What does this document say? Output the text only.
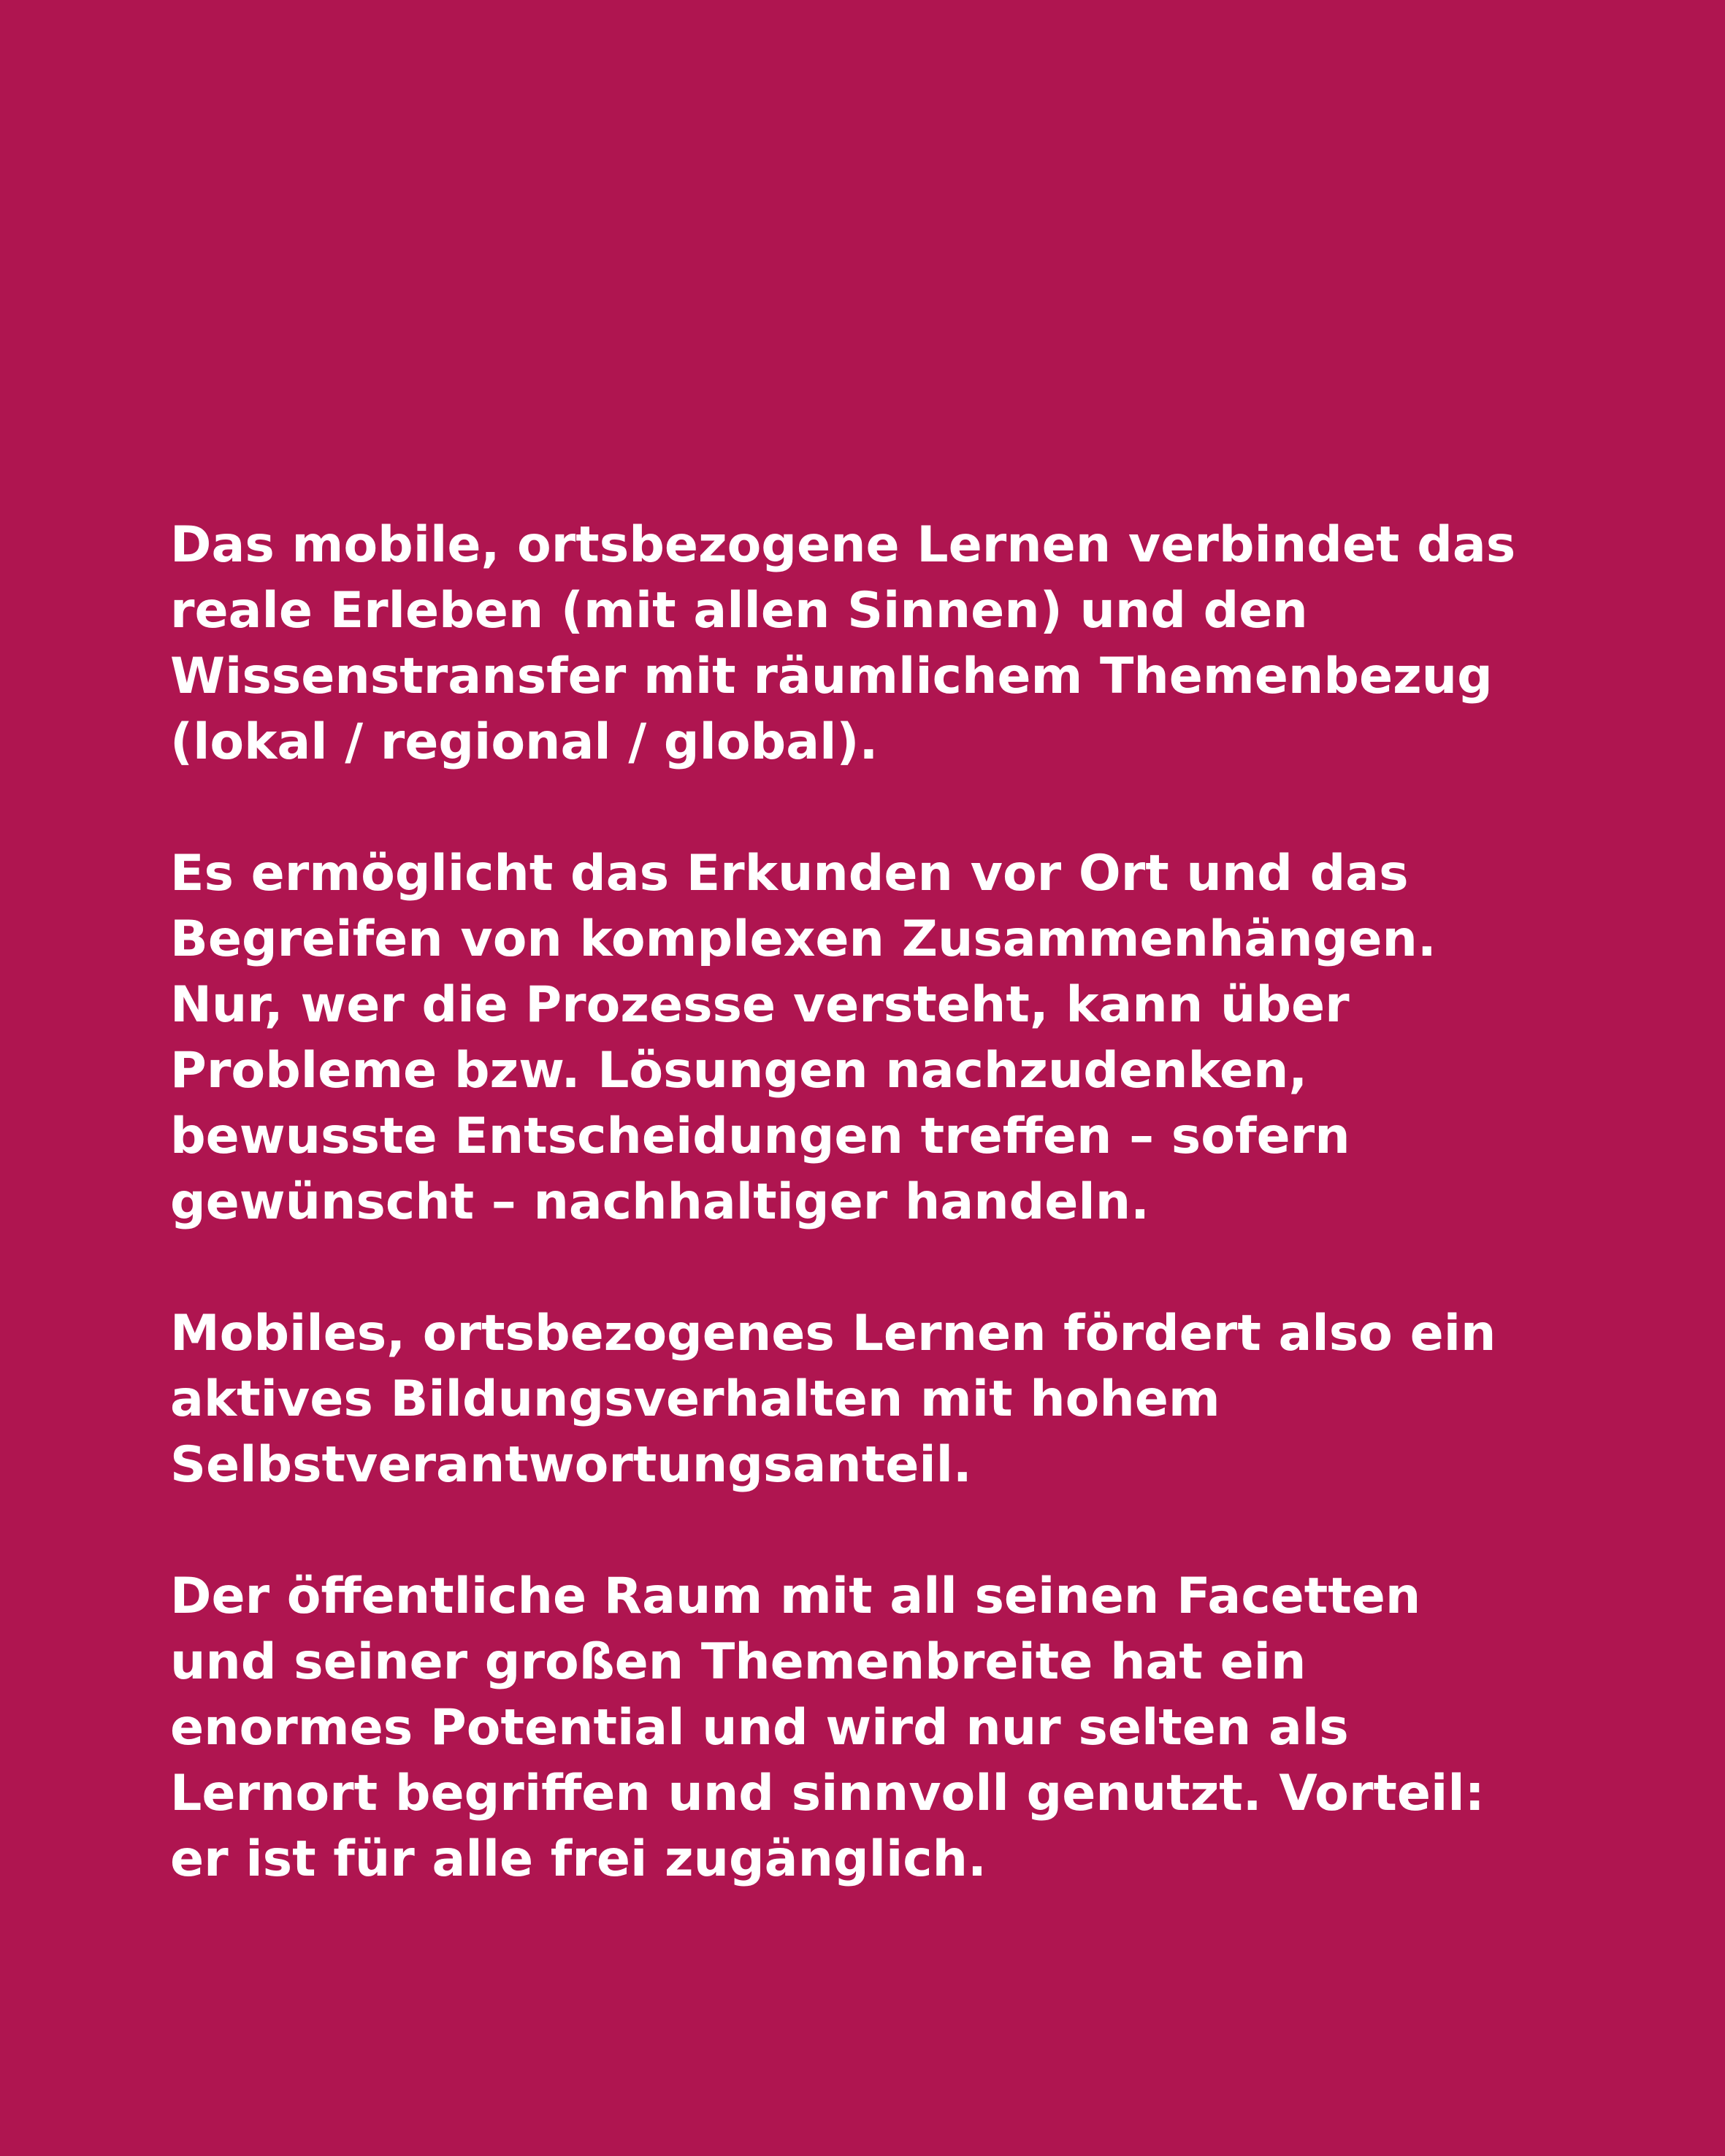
Das mobile, ortsbezogene Lernen verbindet das
reale Erleben (mit allen Sinnen) und den
Wissenstransfer mit räumlichem Themenbezug
(lokal / regional / global).

Es ermöglicht das Erkunden vor Ort und das
Begreifen von komplexen Zusammenhängen.
Nur, wer die Prozesse versteht, kann über
Probleme bzw. Lösungen nachzudenken,
bewusste Entscheidungen treffen – sofern
gewünscht – nachhaltiger handeln.

Mobiles, ortsbezogenes Lernen fördert also ein
aktives Bildungsverhalten mit hohem
Selbstverantwortungsanteil.

Der öffentliche Raum mit all seinen Facetten
und seiner großen Themenbreite hat ein
enormes Potential und wird nur selten als
Lernort begriffen und sinnvoll genutzt. Vorteil:
er ist für alle frei zugänglich.
